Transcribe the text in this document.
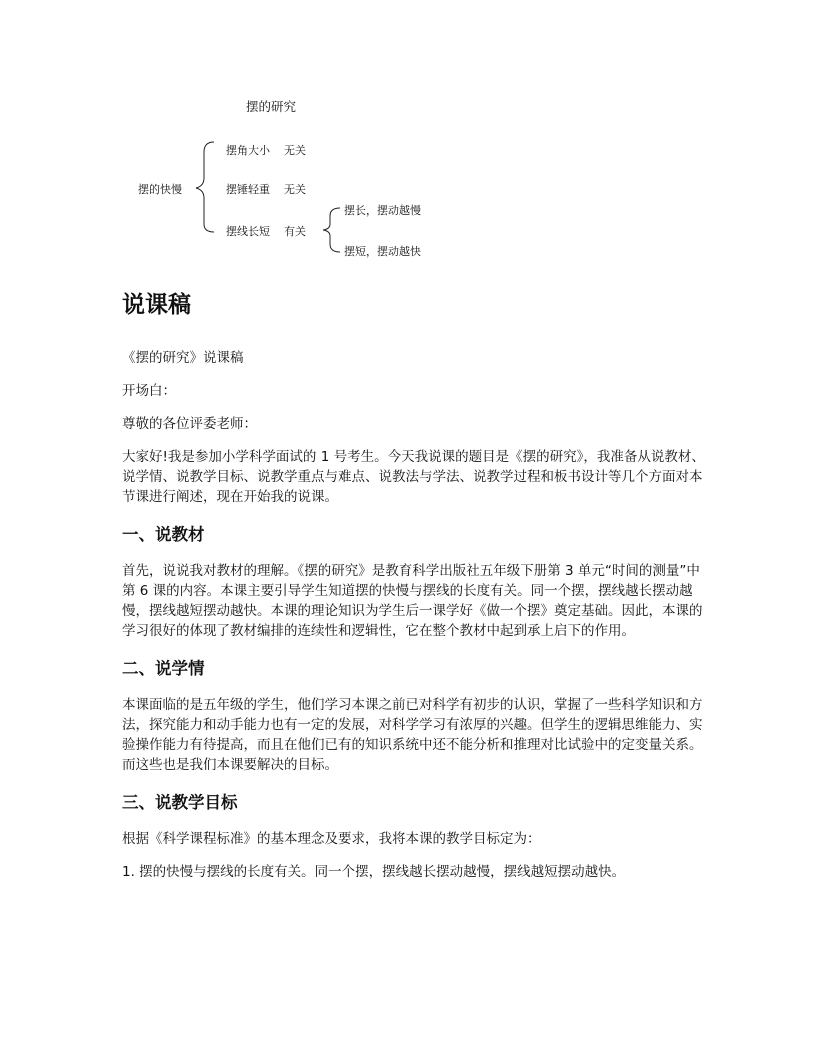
摆的研究
摆的快慢
摆角大小 无关
摆锤轻重 无关
摆线长短 有关
摆长，摆动越慢
摆短，摆动越快
说课稿

《摆的研究》说课稿

开场白：

尊敬的各位评委老师：

大家好!我是参加小学科学面试的 1 号考生。今天我说课的题目是《摆的研究》，我准备从说教材、说学情、说教学目标、说教学重点与难点、说教法与学法、说教学过程和板书设计等几个方面对本节课进行阐述，现在开始我的说课。

一、说教材

首先，说说我对教材的理解。《摆的研究》是教育科学出版社五年级下册第 3 单元“时间的测量”中第 6 课的内容。本课主要引导学生知道摆的快慢与摆线的长度有关。同一个摆，摆线越长摆动越慢，摆线越短摆动越快。本课的理论知识为学生后一课学好《做一个摆》奠定基础。因此，本课的学习很好的体现了教材编排的连续性和逻辑性，它在整个教材中起到承上启下的作用。

二、说学情

本课面临的是五年级的学生，他们学习本课之前已对科学有初步的认识，掌握了一些科学知识和方法，探究能力和动手能力也有一定的发展，对科学学习有浓厚的兴趣。但学生的逻辑思维能力、实验操作能力有待提高，而且在他们已有的知识系统中还不能分析和推理对比试验中的定变量关系。而这些也是我们本课要解决的目标。

三、说教学目标

根据《科学课程标准》的基本理念及要求，我将本课的教学目标定为：

1. 摆的快慢与摆线的长度有关。同一个摆，摆线越长摆动越慢，摆线越短摆动越快。
